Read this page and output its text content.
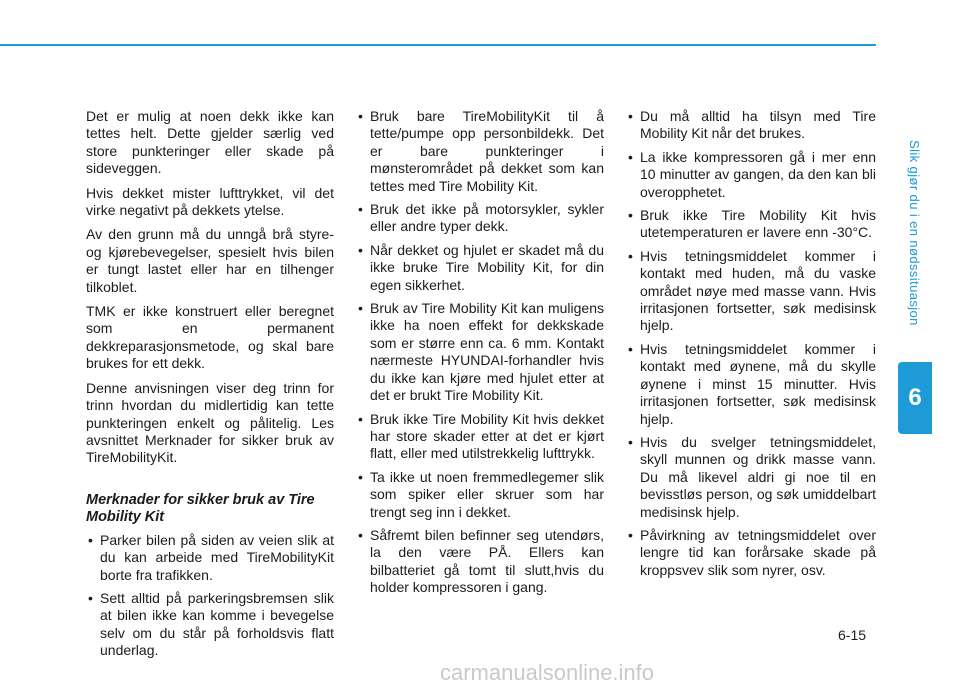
Slik gjør du i en nødssituasjon
6

Det er mulig at noen dekk ikke kan tettes helt. Dette gjelder særlig ved store punkteringer eller skade på sideveggen.

Hvis dekket mister lufttrykket, vil det virke negativt på dekkets ytelse.

Av den grunn må du unngå brå styre- og kjørebevegelser, spesielt hvis bilen er tungt lastet eller har en tilhenger tilkoblet.

TMK er ikke konstruert eller beregnet som en permanent dekkreparasjonsmetode, og skal bare brukes for ett dekk.

Denne anvisningen viser deg trinn for trinn hvordan du midlertidig kan tette punkteringen enkelt og pålitelig. Les avsnittet Merknader for sikker bruk av TireMobilityKit.

Merknader for sikker bruk av Tire Mobility Kit
• Parker bilen på siden av veien slik at du kan arbeide med TireMobilityKit borte fra trafikken.
• Sett alltid på parkeringsbremsen slik at bilen ikke kan komme i bevegelse selv om du står på forholdsvis flatt underlag.
• Bruk bare TireMobilityKit til å tette/pumpe opp personbildekk. Det er bare punkteringer i mønsterområdet på dekket som kan tettes med Tire Mobility Kit.
• Bruk det ikke på motorsykler, sykler eller andre typer dekk.
• Når dekket og hjulet er skadet må du ikke bruke Tire Mobility Kit, for din egen sikkerhet.
• Bruk av Tire Mobility Kit kan muligens ikke ha noen effekt for dekkskade som er større enn ca. 6 mm. Kontakt nærmeste HYUNDAI-forhandler hvis du ikke kan kjøre med hjulet etter at det er brukt Tire Mobility Kit.
• Bruk ikke Tire Mobility Kit hvis dekket har store skader etter at det er kjørt flatt, eller med utilstrekkelig lufttrykk.
• Ta ikke ut noen fremmedlegemer slik som spiker eller skruer som har trengt seg inn i dekket.
• Såfremt bilen befinner seg utendørs, la den være PÅ. Ellers kan bilbatteriet gå tomt til slutt,hvis du holder kompressoren i gang.
• Du må alltid ha tilsyn med Tire Mobility Kit når det brukes.
• La ikke kompressoren gå i mer enn 10 minutter av gangen, da den kan bli overopphetet.
• Bruk ikke Tire Mobility Kit hvis utetemperaturen er lavere enn -30°C.
• Hvis tetningsmiddelet kommer i kontakt med huden, må du vaske området nøye med masse vann. Hvis irritasjonen fortsetter, søk medisinsk hjelp.
• Hvis tetningsmiddelet kommer i kontakt med øynene, må du skylle øynene i minst 15 minutter. Hvis irritasjonen fortsetter, søk medisinsk hjelp.
• Hvis du svelger tetningsmiddelet, skyll munnen og drikk masse vann. Du må likevel aldri gi noe til en bevisstløs person, og søk umiddelbart medisinsk hjelp.
• Påvirkning av tetningsmiddelet over lengre tid kan forårsake skade på kroppsvev slik som nyrer, osv.
6-15
carmanualsonline.info
